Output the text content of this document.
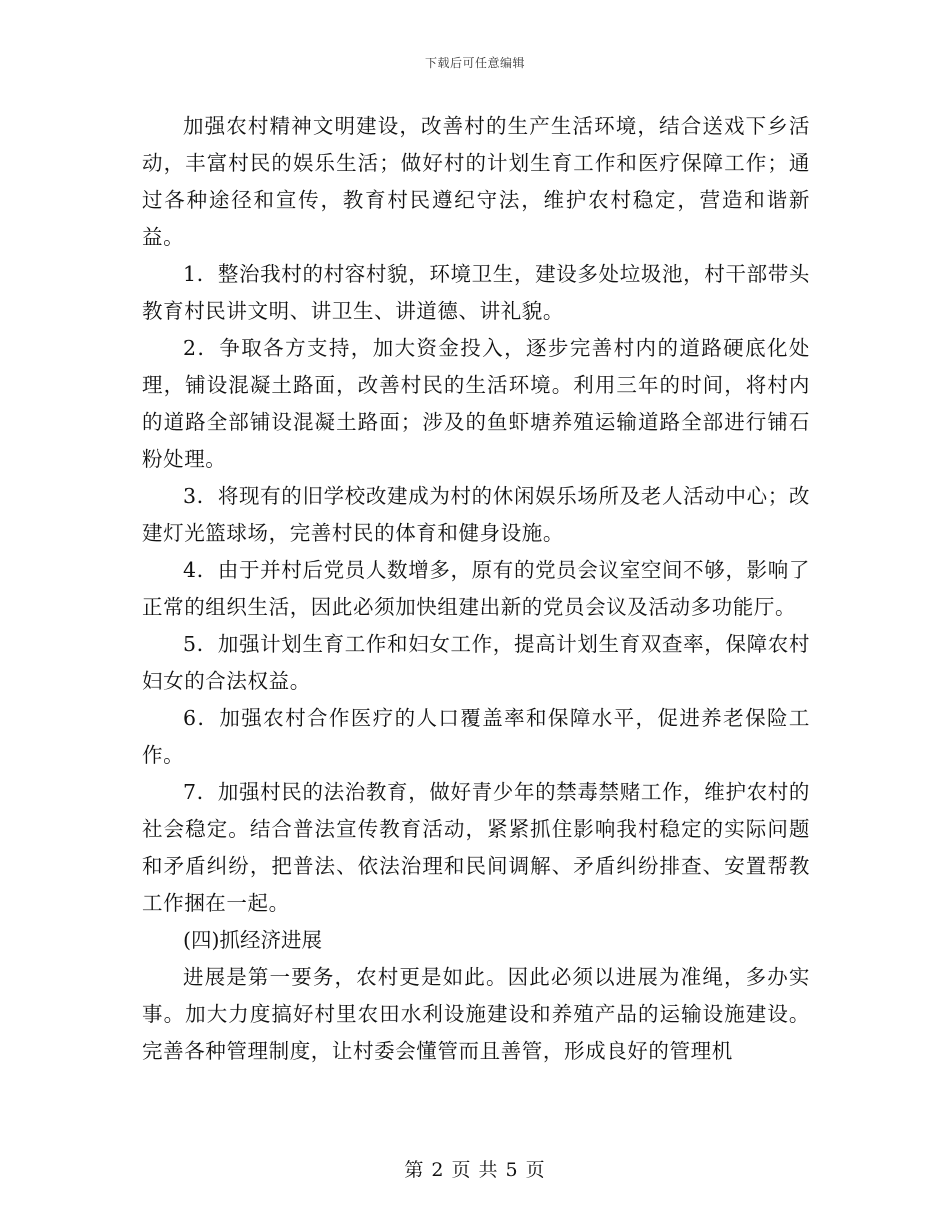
下载后可任意编辑

加强农村精神文明建设，改善村的生产生活环境，结合送戏下乡活动，丰富村民的娱乐生活；做好村的计划生育工作和医疗保障工作；通过各种途径和宣传，教育村民遵纪守法，维护农村稳定，营造和谐新益。

1．整治我村的村容村貌，环境卫生，建设多处垃圾池，村干部带头教育村民讲文明、讲卫生、讲道德、讲礼貌。

2．争取各方支持，加大资金投入，逐步完善村内的道路硬底化处理，铺设混凝土路面，改善村民的生活环境。利用三年的时间，将村内的道路全部铺设混凝土路面；涉及的鱼虾塘养殖运输道路全部进行铺石粉处理。

3．将现有的旧学校改建成为村的休闲娱乐场所及老人活动中心；改建灯光篮球场，完善村民的体育和健身设施。

4．由于并村后党员人数增多，原有的党员会议室空间不够，影响了正常的组织生活，因此必须加快组建出新的党员会议及活动多功能厅。

5．加强计划生育工作和妇女工作，提高计划生育双查率，保障农村妇女的合法权益。

6．加强农村合作医疗的人口覆盖率和保障水平，促进养老保险工作。

7．加强村民的法治教育，做好青少年的禁毒禁赌工作，维护农村的社会稳定。结合普法宣传教育活动，紧紧抓住影响我村稳定的实际问题和矛盾纠纷，把普法、依法治理和民间调解、矛盾纠纷排查、安置帮教工作捆在一起。

(四)抓经济进展

进展是第一要务，农村更是如此。因此必须以进展为准绳，多办实事。加大力度搞好村里农田水利设施建设和养殖产品的运输设施建设。完善各种管理制度，让村委会懂管而且善管，形成良好的管理机

第 2 页 共 5 页
